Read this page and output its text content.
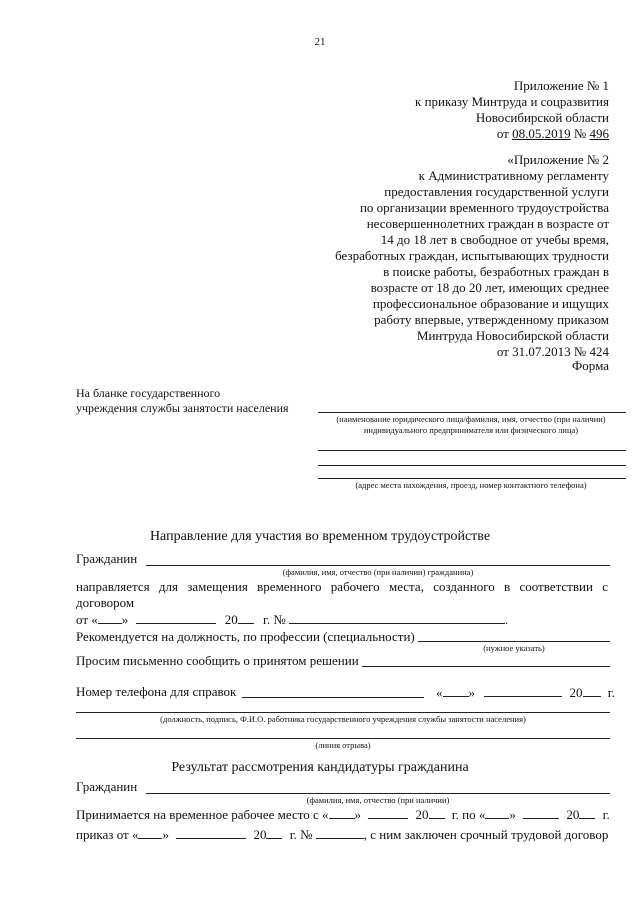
21
Приложение № 1
к приказу Минтруда и соцразвития
Новосибирской области
от 08.05.2019 № 496
«Приложение № 2
к Административному регламенту
предоставления государственной услуги
по организации временного трудоустройства
несовершеннолетних граждан в возрасте от
14 до 18 лет в свободное от учебы время,
безработных граждан, испытывающих трудности
в поиске работы, безработных граждан в
возрасте от 18 до 20 лет, имеющих среднее
профессиональное образование и ищущих
работу впервые, утвержденному приказом
Минтруда Новосибирской области
от 31.07.2013 № 424
Форма
На бланке государственного
учреждения службы занятости населения
(наименование юридического лица/фамилия, имя, отчество (при наличии)
индивидуального предпринимателя или физического лица)
(адрес места нахождения, проезд, номер контактного телефона)
Направление для участия во временном трудоустройстве
Гражданин
(фамилия, имя, отчество (при наличии) гражданина)
направляется для замещения временного рабочего места, созданного в соответствии с
договором
от « »	20 г. №	.
Рекомендуется на должность, по профессии (специальности)
(нужное указать)
Просим письменно сообщить о принятом решении
Номер телефона для справок	« »	20 г.
(должность, подпись, Ф.И.О. работника государственного учреждения службы занятости населения)
(линия отрыва)
Результат рассмотрения кандидатуры гражданина
Гражданин
(фамилия, имя, отчество (при наличии)
Принимается на временное рабочее место с « »	20 г. по « »	20 г.
приказ от « »	20 г. №	, с ним заключен срочный трудовой договор
